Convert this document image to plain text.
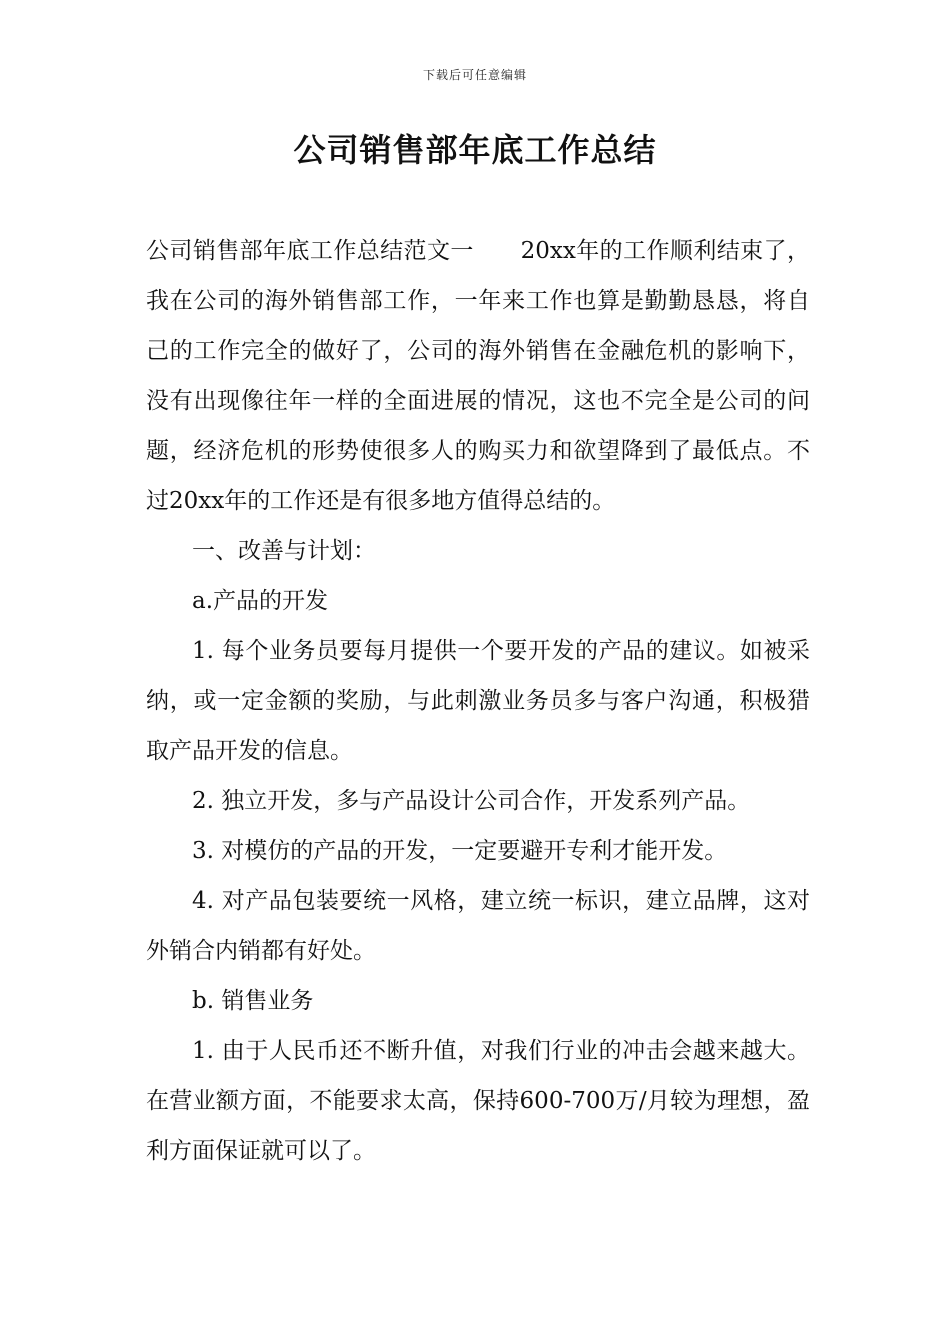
下载后可任意编辑
公司销售部年底工作总结

公司销售部年底工作总结范文一　　20xx年的工作顺利结束了，我在公司的海外销售部工作，一年来工作也算是勤勤恳恳，将自己的工作完全的做好了，公司的海外销售在金融危机的影响下，没有出现像往年一样的全面进展的情况，这也不完全是公司的问题，经济危机的形势使很多人的购买力和欲望降到了最低点。不过20xx年的工作还是有很多地方值得总结的。

一、改善与计划：

a.产品的开发

1. 每个业务员要每月提供一个要开发的产品的建议。如被采纳，或一定金额的奖励，与此刺激业务员多与客户沟通，积极猎取产品开发的信息。

2. 独立开发，多与产品设计公司合作，开发系列产品。

3. 对模仿的产品的开发，一定要避开专利才能开发。

4. 对产品包装要统一风格，建立统一标识，建立品牌，这对外销合内销都有好处。

b. 销售业务

1. 由于人民币还不断升值，对我们行业的冲击会越来越大。在营业额方面，不能要求太高，保持600-700万/月较为理想，盈利方面保证就可以了。
